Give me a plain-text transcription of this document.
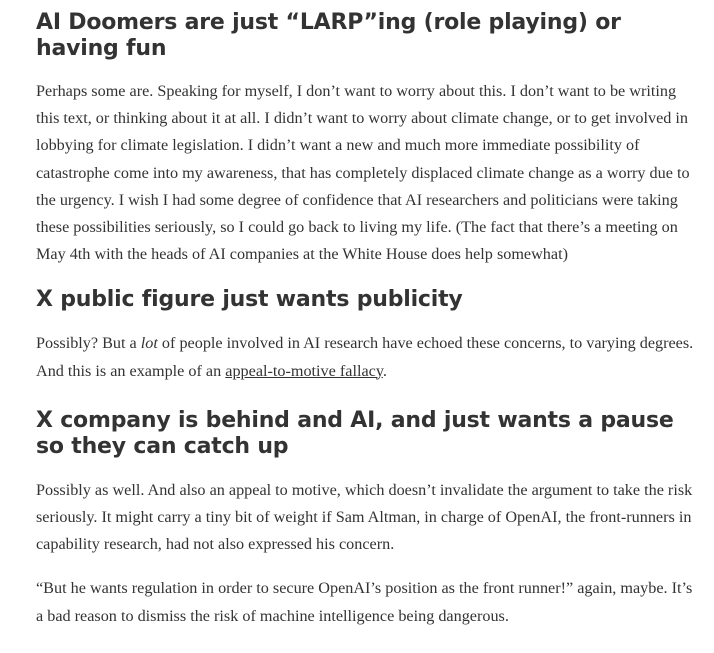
AI Doomers are just “LARP”ing (role playing) or having fun

Perhaps some are. Speaking for myself, I don’t want to worry about this. I don’t want to be writing this text, or thinking about it at all. I didn’t want to worry about climate change, or to get involved in lobbying for climate legislation. I didn’t want a new and much more immediate possibility of catastrophe come into my awareness, that has completely displaced climate change as a worry due to the urgency. I wish I had some degree of confidence that AI researchers and politicians were taking these possibilities seriously, so I could go back to living my life. (The fact that there’s a meeting on May 4th with the heads of AI companies at the White House does help somewhat)

X public figure just wants publicity

Possibly? But a lot of people involved in AI research have echoed these concerns, to varying degrees. And this is an example of an appeal-to-motive fallacy.

X company is behind and AI, and just wants a pause so they can catch up

Possibly as well. And also an appeal to motive, which doesn’t invalidate the argument to take the risk seriously. It might carry a tiny bit of weight if Sam Altman, in charge of OpenAI, the front-runners in capability research, had not also expressed his concern.

“But he wants regulation in order to secure OpenAI’s position as the front runner!” again, maybe. It’s a bad reason to dismiss the risk of machine intelligence being dangerous.
